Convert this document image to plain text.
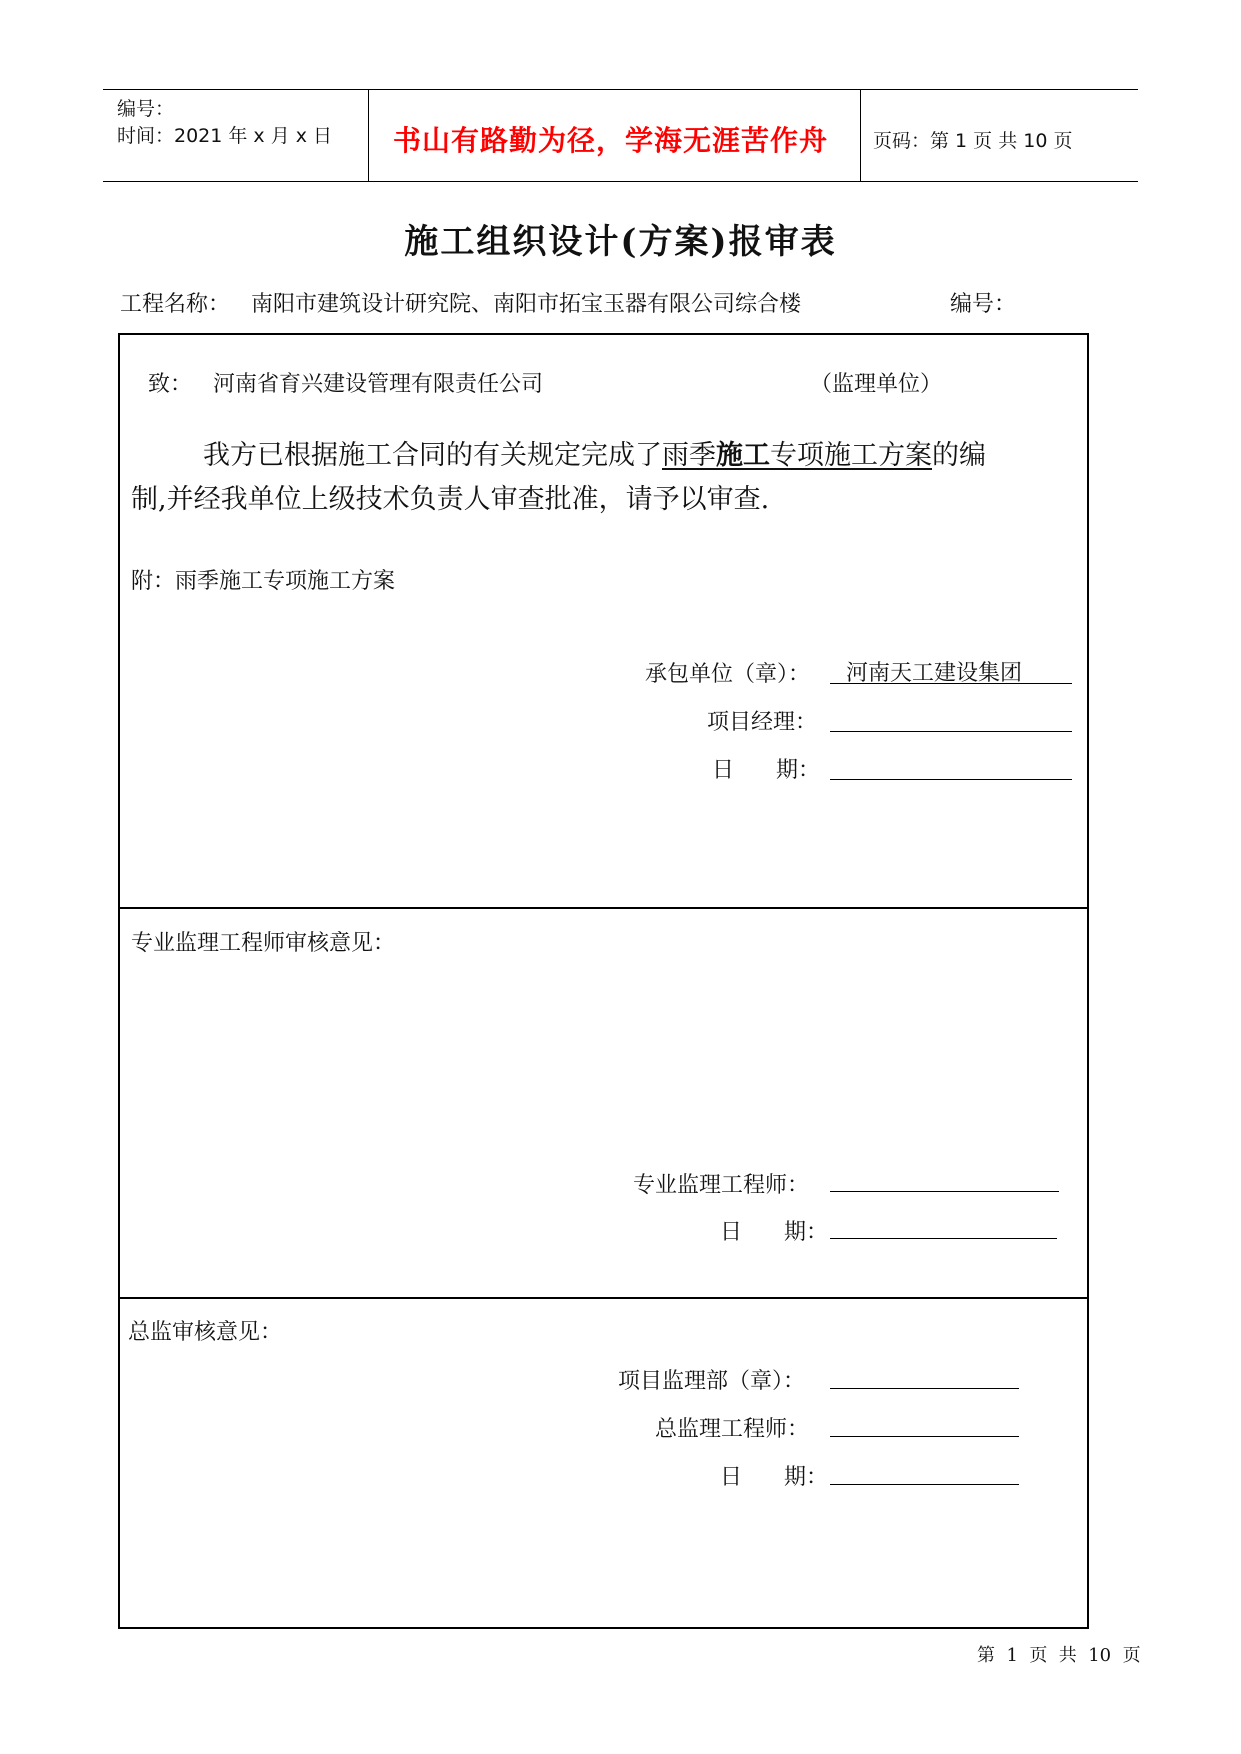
编号：
时间：2021 年 x 月 x 日 书山有路勤为径，学海无涯苦作舟 页码：第 1 页 共 10 页
施工组织设计(方案)报审表
工程名称： 南阳市建筑设计研究院、南阳市拓宝玉器有限公司综合楼	编号：
致： 河南省育兴建设管理有限责任公司	（监理单位）
我方已根据施工合同的有关规定完成了雨季施工专项施工方案的编
制,并经我单位上级技术负责人审查批准，请予以审查.
附：雨季施工专项施工方案
承包单位（章）： 河南天工建设集团
项目经理：
日      期：
专业监理工程师审核意见：
专业监理工程师：
日      期：
总监审核意见：
项目监理部（章）：
总监理工程师：
日      期：
第  1  页  共  10  页
